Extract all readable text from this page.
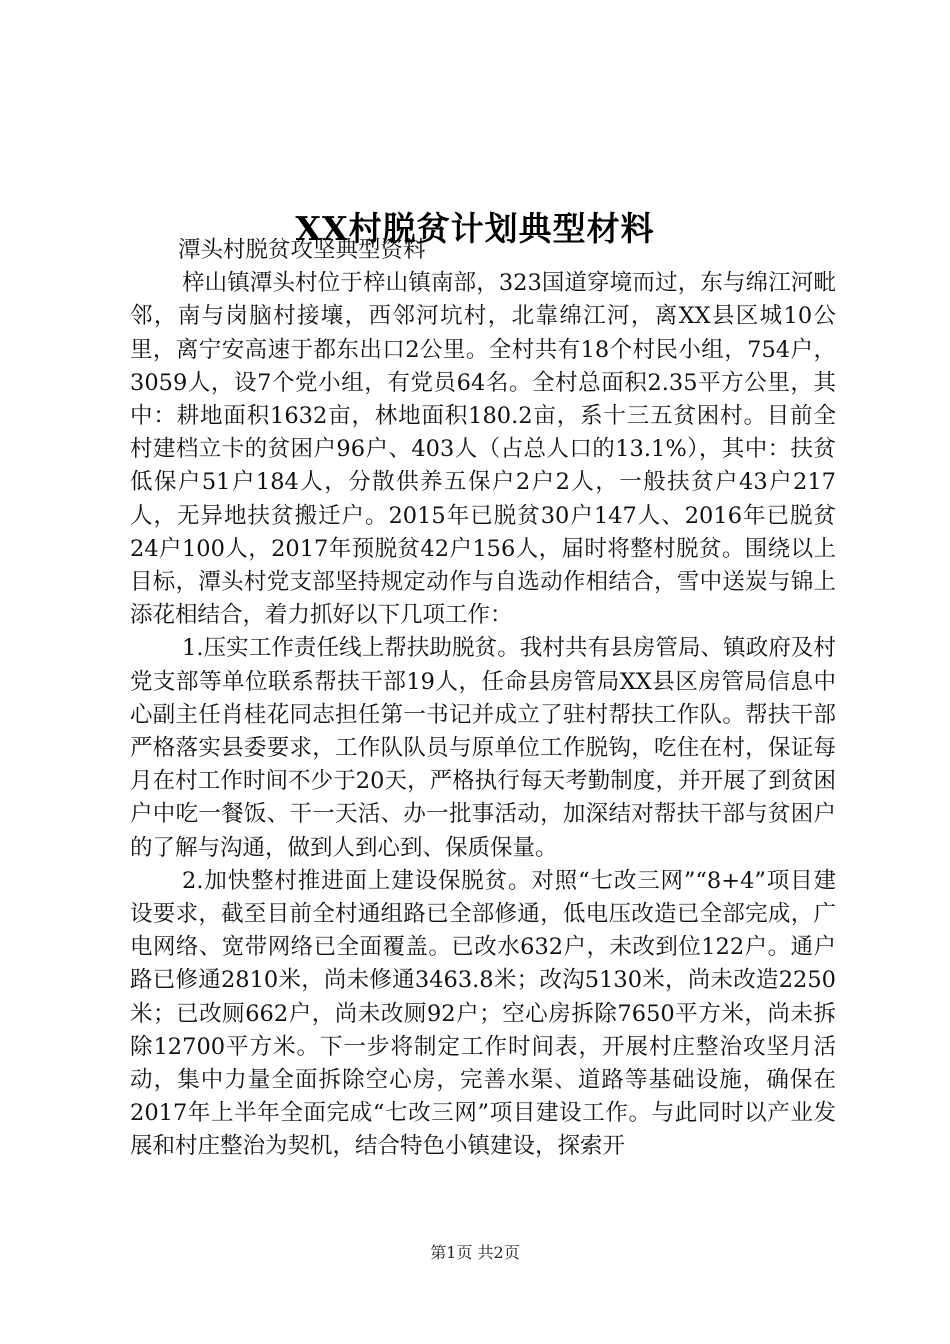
XX村脱贫计划典型材料

潭头村脱贫攻坚典型资料

梓山镇潭头村位于梓山镇南部，323国道穿境而过，东与绵江河毗邻，南与岗脑村接壤，西邻河坑村，北靠绵江河，离XX县区城10公里，离宁安高速于都东出口2公里。全村共有18个村民小组，754户，3059人，设7个党小组，有党员64名。全村总面积2.35平方公里，其中：耕地面积1632亩，林地面积180.2亩，系十三五贫困村。目前全村建档立卡的贫困户96户、403人（占总人口的13.1%），其中：扶贫低保户51户184人，分散供养五保户2户2人，一般扶贫户43户217人，无异地扶贫搬迁户。2015年已脱贫30户147人、2016年已脱贫24户100人，2017年预脱贫42户156人，届时将整村脱贫。围绕以上目标，潭头村党支部坚持规定动作与自选动作相结合，雪中送炭与锦上添花相结合，着力抓好以下几项工作：

1.压实工作责任线上帮扶助脱贫。我村共有县房管局、镇政府及村党支部等单位联系帮扶干部19人，任命县房管局XX县区房管局信息中心副主任肖桂花同志担任第一书记并成立了驻村帮扶工作队。帮扶干部严格落实县委要求，工作队队员与原单位工作脱钩，吃住在村，保证每月在村工作时间不少于20天，严格执行每天考勤制度，并开展了到贫困户中吃一餐饭、干一天活、办一批事活动，加深结对帮扶干部与贫困户的了解与沟通，做到人到心到、保质保量。

2.加快整村推进面上建设保脱贫。对照“七改三网”“8+4”项目建设要求，截至目前全村通组路已全部修通，低电压改造已全部完成，广电网络、宽带网络已全面覆盖。已改水632户，未改到位122户。通户路已修通2810米，尚未修通3463.8米；改沟5130米，尚未改造2250米；已改厕662户，尚未改厕92户；空心房拆除7650平方米，尚未拆除12700平方米。下一步将制定工作时间表，开展村庄整治攻坚月活动，集中力量全面拆除空心房，完善水渠、道路等基础设施，确保在2017年上半年全面完成“七改三网”项目建设工作。与此同时以产业发展和村庄整治为契机，结合特色小镇建设，探索开

第1页 共2页
